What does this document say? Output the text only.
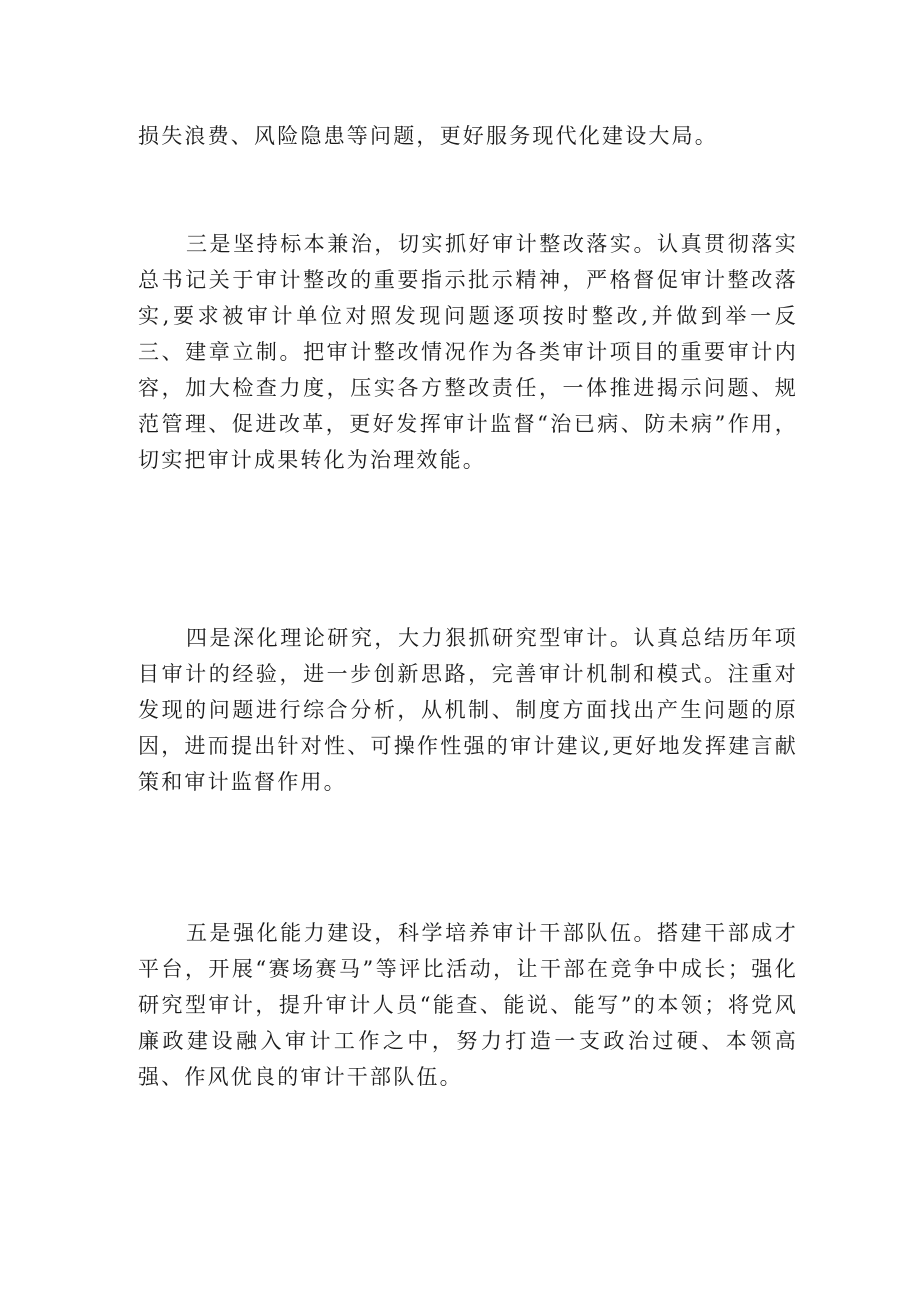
损失浪费、风险隐患等问题，更好服务现代化建设大局。

三是坚持标本兼治，切实抓好审计整改落实。认真贯彻落实总书记关于审计整改的重要指示批示精神，严格督促审计整改落实,要求被审计单位对照发现问题逐项按时整改,并做到举一反三、建章立制。把审计整改情况作为各类审计项目的重要审计内容，加大检查力度，压实各方整改责任，一体推进揭示问题、规范管理、促进改革，更好发挥审计监督“治已病、防未病”作用，切实把审计成果转化为治理效能。

四是深化理论研究，大力狠抓研究型审计。认真总结历年项目审计的经验，进一步创新思路，完善审计机制和模式。注重对发现的问题进行综合分析，从机制、制度方面找出产生问题的原因，进而提出针对性、可操作性强的审计建议,更好地发挥建言献策和审计监督作用。

五是强化能力建设，科学培养审计干部队伍。搭建干部成才平台，开展“赛场赛马”等评比活动，让干部在竞争中成长；强化研究型审计，提升审计人员“能查、能说、能写”的本领；将党风廉政建设融入审计工作之中，努力打造一支政治过硬、本领高强、作风优良的审计干部队伍。
